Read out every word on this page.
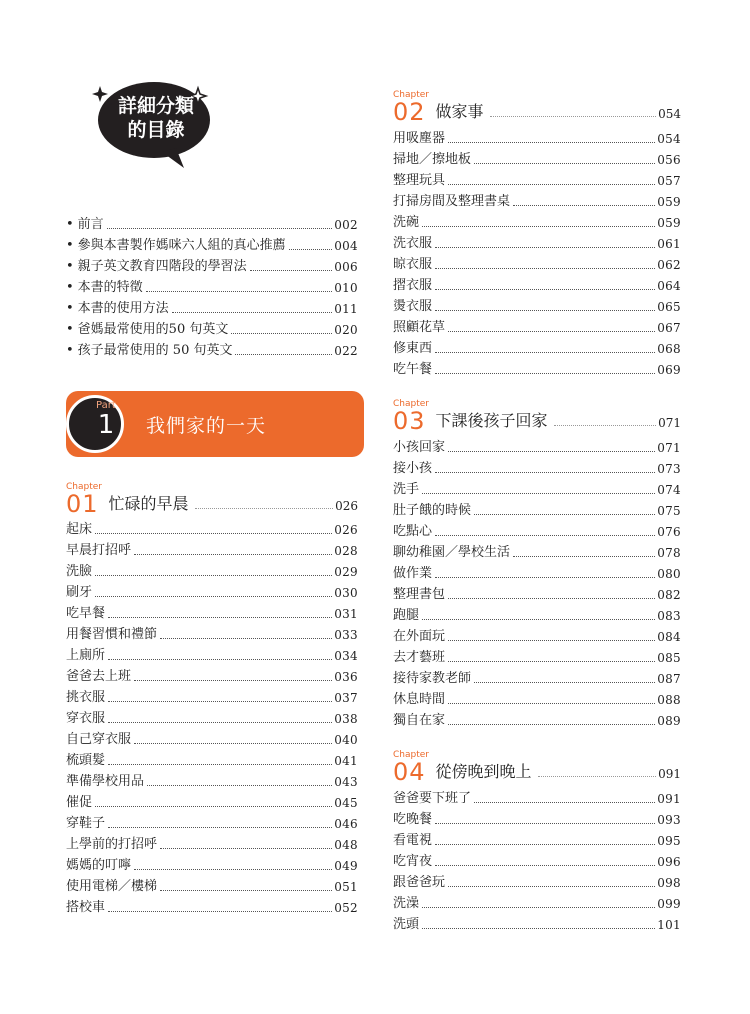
詳細分類
的目錄
• 前言	002
• 參與本書製作媽咪六人組的真心推薦	004
• 親子英文教育四階段的學習法	006
• 本書的特徵	010
• 本書的使用方法	011
• 爸媽最常使用的50 句英文	020
• 孩子最常使用的 50 句英文	022
Chapter
01 忙碌的早晨	026
起床	026
早晨打招呼	028
洗臉	029
刷牙	030
吃早餐	031
用餐習慣和禮節	033
上廁所	034
爸爸去上班	036
挑衣服	037
穿衣服	038
自己穿衣服	040
梳頭髮	041
準備學校用品	043
催促	045
穿鞋子	046
上學前的打招呼	048
媽媽的叮嚀	049
使用電梯／樓梯	051
搭校車	052
Part
1	我們家的一天
Chapter
02 做家事	054
用吸塵器	054
掃地／擦地板	056
整理玩具	057
打掃房間及整理書桌	059
洗碗	059
洗衣服	061
晾衣服	062
摺衣服	064
燙衣服	065
照顧花草	067
修東西	068
吃午餐	069
Chapter
03 下課後孩子回家	071
小孩回家	071
接小孩	073
洗手	074
肚子餓的時候	075
吃點心	076
聊幼稚園／學校生活	078
做作業	080
整理書包	082
跑腿	083
在外面玩	084
去才藝班	085
接待家教老師	087
休息時間	088
獨自在家	089
Chapter
04 從傍晚到晚上	091
爸爸要下班了	091
吃晚餐	093
看電視	095
吃宵夜	096
跟爸爸玩	098
洗澡	099
洗頭	101
